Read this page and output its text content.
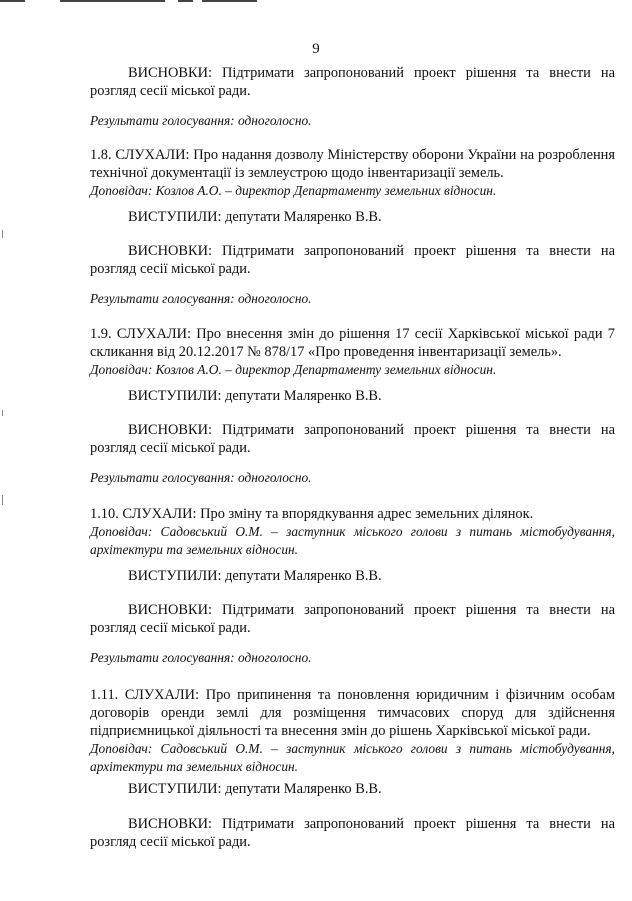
9

ВИСНОВКИ: Підтримати запропонований проект рішення та внести на розгляд сесії міської ради.

Результати голосування: одноголосно.

1.8. СЛУХАЛИ: Про надання дозволу Міністерству оборони України на розроблення технічної документації із землеустрою щодо інвентаризації земель.

Доповідач: Козлов А.О. – директор Департаменту земельних відносин.

ВИСТУПИЛИ: депутати Маляренко В.В.

ВИСНОВКИ: Підтримати запропонований проект рішення та внести на розгляд сесії міської ради.

Результати голосування: одноголосно.

1.9. СЛУХАЛИ: Про внесення змін до рішення 17 сесії Харківської міської ради 7 скликання від 20.12.2017 № 878/17 «Про проведення інвентаризації земель».

Доповідач: Козлов А.О. – директор Департаменту земельних відносин.

ВИСТУПИЛИ: депутати Маляренко В.В.

ВИСНОВКИ: Підтримати запропонований проект рішення та внести на розгляд сесії міської ради.

Результати голосування: одноголосно.

1.10. СЛУХАЛИ: Про зміну та впорядкування адрес земельних ділянок.

Доповідач: Садовський О.М. – заступник міського голови з питань містобудування, архітектури та земельних відносин.

ВИСТУПИЛИ: депутати Маляренко В.В.

ВИСНОВКИ: Підтримати запропонований проект рішення та внести на розгляд сесії міської ради.

Результати голосування: одноголосно.

1.11. СЛУХАЛИ: Про припинення та поновлення юридичним і фізичним особам договорів оренди землі для розміщення тимчасових споруд для здійснення підприємницької діяльності та внесення змін до рішень Харківської міської ради.

Доповідач: Садовський О.М. – заступник міського голови з питань містобудування, архітектури та земельних відносин.

ВИСТУПИЛИ: депутати Маляренко В.В.

ВИСНОВКИ: Підтримати запропонований проект рішення та внести на розгляд сесії міської ради.
